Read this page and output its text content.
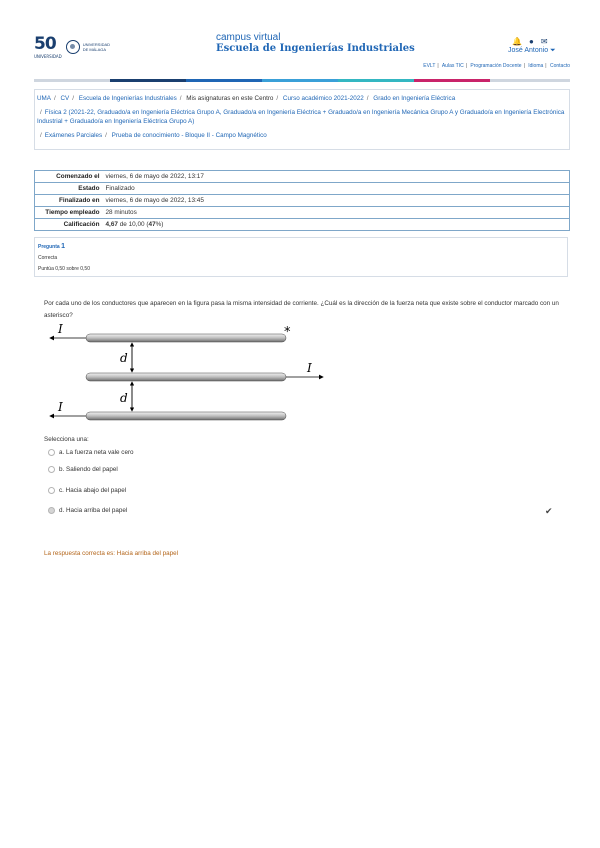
50
UNIVERSIDAD
UNIVERSIDAD DE MÁLAGA
campus virtual
Escuela de Ingenierías Industriales
🔔 ● ✉
José Antonio ⏷
EVLT | Aulas TIC | Programación Docente | Idioma | Contacto
UMA / CV / Escuela de Ingenierías Industriales / Mis asignaturas en este Centro / Curso académico 2021-2022 / Grado en Ingeniería Eléctrica
/ Física 2 (2021-22, Graduado/a en Ingeniería Eléctrica Grupo A, Graduado/a en Ingeniería Eléctrica + Graduado/a en Ingeniería Mecánica Grupo A y Graduado/a en Ingeniería Electrónica Industrial + Graduado/a en Ingeniería Eléctrica Grupo A)
/ Exámenes Parciales / Prueba de conocimiento - Bloque II - Campo Magnético
Comenzado el	viernes, 6 de mayo de 2022, 13:17
Estado	Finalizado
Finalizado en	viernes, 6 de mayo de 2022, 13:45
Tiempo empleado	28 minutos
Calificación	4,67 de 10,00 (47%)
Pregunta 1
Correcta
Puntúa 0,50 sobre 0,50
Por cada uno de los conductores que aparecen en la figura pasa la misma intensidad de corriente. ¿Cuál es la dirección de la fuerza neta que existe sobre el conductor marcado con un asterisco?
I
d
I
d
I
*
Selecciona una:
a. La fuerza neta vale cero
b. Saliendo del papel
c. Hacia abajo del papel
d. Hacia arriba del papel	✔
La respuesta correcta es: Hacia arriba del papel
